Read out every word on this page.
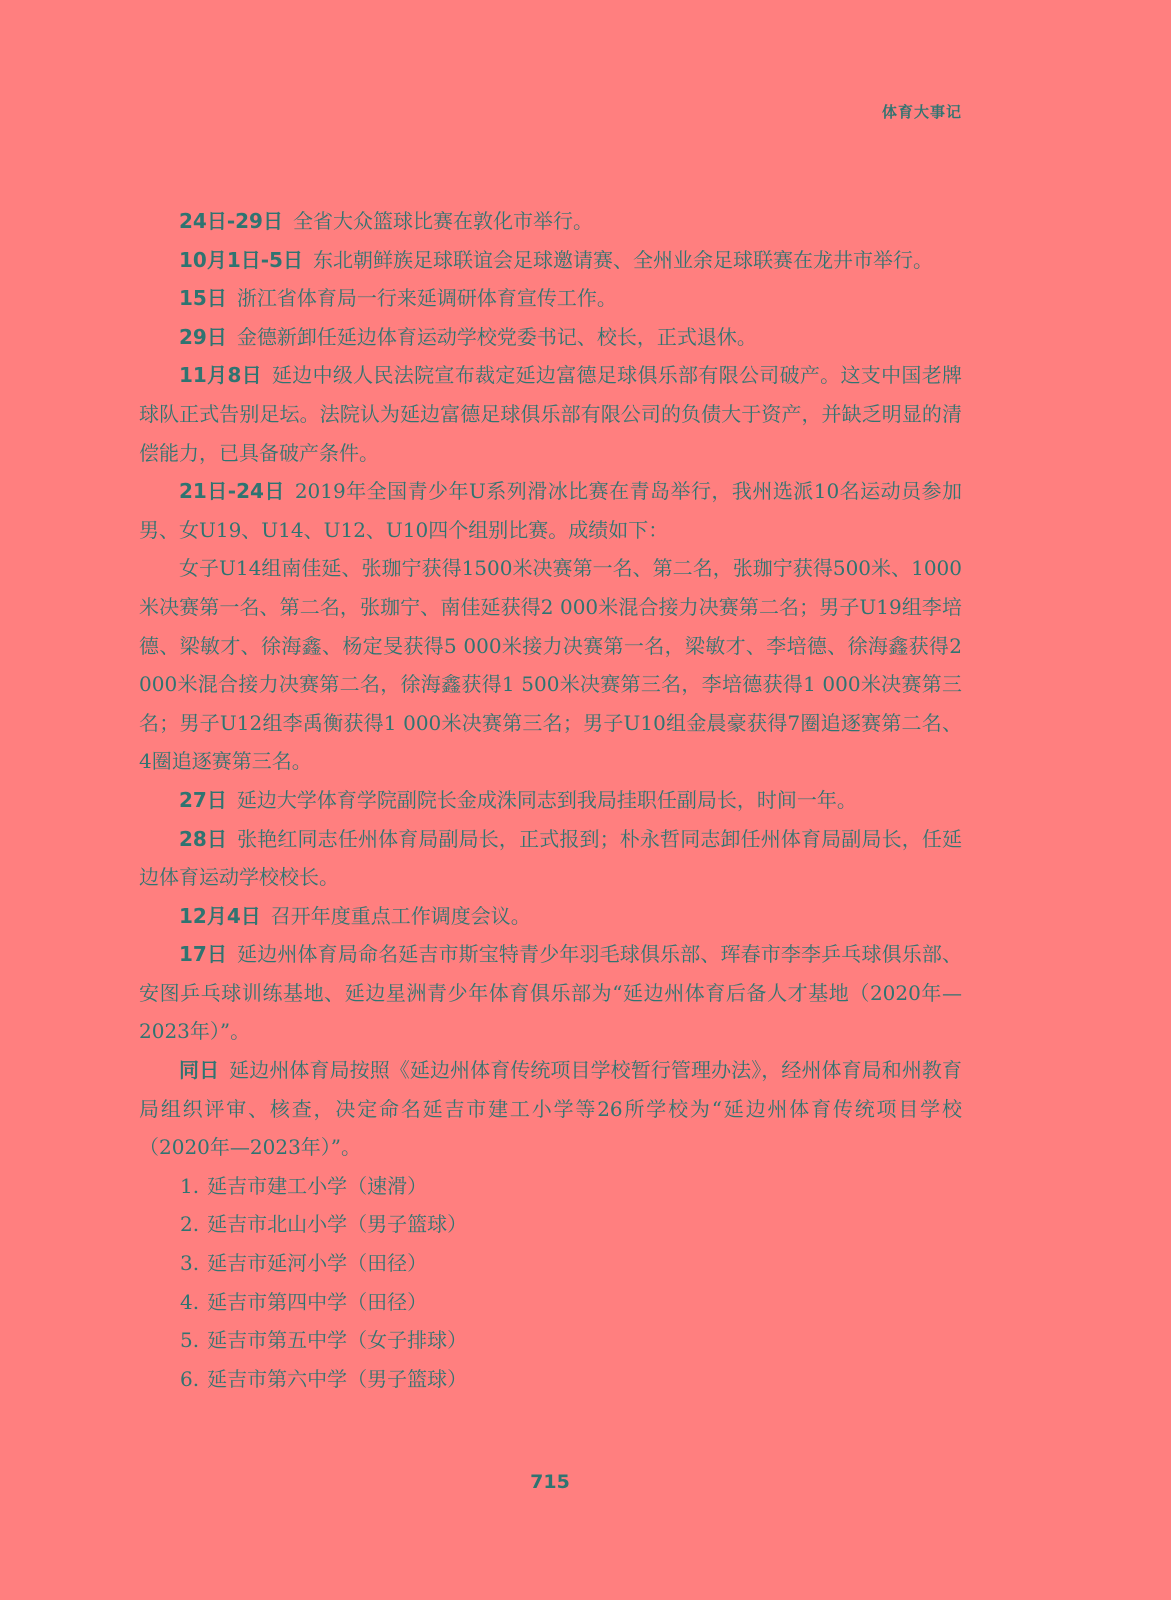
体育大事记

24日-29日 全省大众篮球比赛在敦化市举行。

10月1日-5日 东北朝鲜族足球联谊会足球邀请赛、全州业余足球联赛在龙井市举行。

15日 浙江省体育局一行来延调研体育宣传工作。

29日 金德新卸任延边体育运动学校党委书记、校长，正式退休。

11月8日 延边中级人民法院宣布裁定延边富德足球俱乐部有限公司破产。这支中国老牌球队正式告别足坛。法院认为延边富德足球俱乐部有限公司的负债大于资产，并缺乏明显的清偿能力，已具备破产条件。

21日-24日 2019年全国青少年U系列滑冰比赛在青岛举行，我州选派10名运动员参加男、女U19、U14、U12、U10四个组别比赛。成绩如下：

女子U14组南佳延、张珈宁获得1500米决赛第一名、第二名，张珈宁获得500米、1000米决赛第一名、第二名，张珈宁、南佳延获得2 000米混合接力决赛第二名；男子U19组李培德、梁敏才、徐海鑫、杨定旻获得5 000米接力决赛第一名，梁敏才、李培德、徐海鑫获得2 000米混合接力决赛第二名，徐海鑫获得1 500米决赛第三名，李培德获得1 000米决赛第三名；男子U12组李禹衡获得1 000米决赛第三名；男子U10组金晨豪获得7圈追逐赛第二名、4圈追逐赛第三名。

27日 延边大学体育学院副院长金成洙同志到我局挂职任副局长，时间一年。

28日 张艳红同志任州体育局副局长，正式报到；朴永哲同志卸任州体育局副局长，任延边体育运动学校校长。

12月4日 召开年度重点工作调度会议。

17日 延边州体育局命名延吉市斯宝特青少年羽毛球俱乐部、珲春市李李乒乓球俱乐部、安图乒乓球训练基地、延边星洲青少年体育俱乐部为“延边州体育后备人才基地（2020年—2023年）”。

同日 延边州体育局按照《延边州体育传统项目学校暂行管理办法》，经州体育局和州教育局组织评审、核查，决定命名延吉市建工小学等26所学校为“延边州体育传统项目学校（2020年—2023年）”。

1. 延吉市建工小学（速滑）
2. 延吉市北山小学（男子篮球）
3. 延吉市延河小学（田径）
4. 延吉市第四中学（田径）
5. 延吉市第五中学（女子排球）
6. 延吉市第六中学（男子篮球）
715
